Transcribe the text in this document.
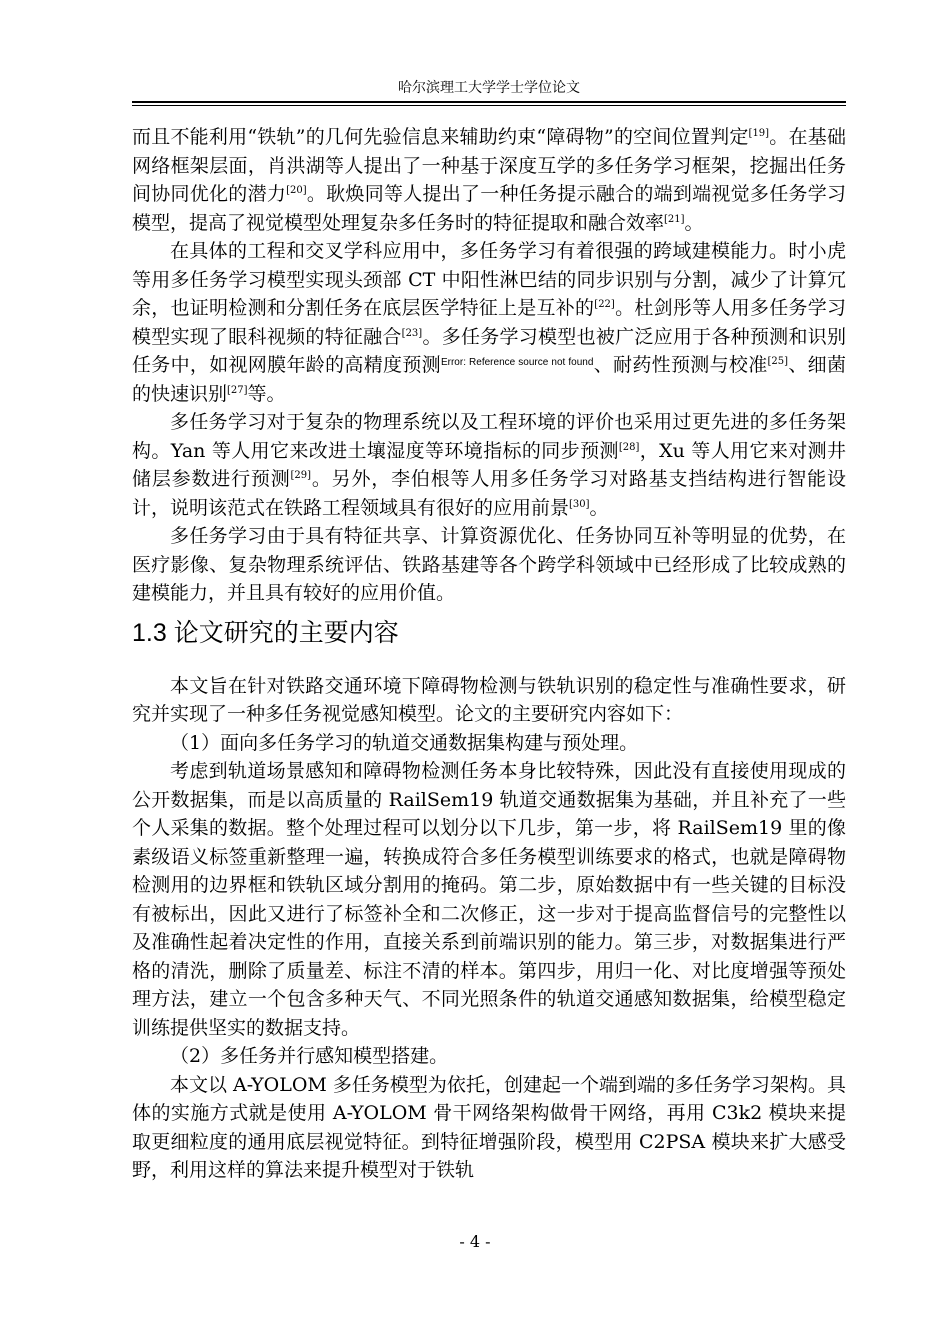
哈尔滨理工大学学士学位论文

而且不能利用“铁轨”的几何先验信息来辅助约束“障碍物”的空间位置判定[19]。在基础网络框架层面，肖洪湖等人提出了一种基于深度互学的多任务学习框架，挖掘出任务间协同优化的潜力[20]。耿焕同等人提出了一种任务提示融合的端到端视觉多任务学习模型，提高了视觉模型处理复杂多任务时的特征提取和融合效率[21]。

在具体的工程和交叉学科应用中，多任务学习有着很强的跨域建模能力。时小虎等用多任务学习模型实现头颈部 CT 中阳性淋巴结的同步识别与分割，减少了计算冗余，也证明检测和分割任务在底层医学特征上是互补的[22]。杜剑彤等人用多任务学习模型实现了眼科视频的特征融合[23]。多任务学习模型也被广泛应用于各种预测和识别任务中，如视网膜年龄的高精度预测$^{Error: Reference source not found}$、耐药性预测与校准[25]、细菌的快速识别[27]等。

多任务学习对于复杂的物理系统以及工程环境的评价也采用过更先进的多任务架构。Yan 等人用它来改进土壤湿度等环境指标的同步预测[28]，Xu 等人用它来对测井储层参数进行预测[29]。另外，李伯根等人用多任务学习对路基支挡结构进行智能设计，说明该范式在铁路工程领域具有很好的应用前景[30]。

多任务学习由于具有特征共享、计算资源优化、任务协同互补等明显的优势，在医疗影像、复杂物理系统评估、铁路基建等各个跨学科领域中已经形成了比较成熟的建模能力，并且具有较好的应用价值。

1.3 论文研究的主要内容

本文旨在针对铁路交通环境下障碍物检测与铁轨识别的稳定性与准确性要求，研究并实现了一种多任务视觉感知模型。论文的主要研究内容如下：

（1）面向多任务学习的轨道交通数据集构建与预处理。

考虑到轨道场景感知和障碍物检测任务本身比较特殊，因此没有直接使用现成的公开数据集，而是以高质量的 RailSem19 轨道交通数据集为基础，并且补充了一些个人采集的数据。整个处理过程可以划分以下几步，第一步，将 RailSem19 里的像素级语义标签重新整理一遍，转换成符合多任务模型训练要求的格式，也就是障碍物检测用的边界框和铁轨区域分割用的掩码。第二步，原始数据中有一些关键的目标没有被标出，因此又进行了标签补全和二次修正，这一步对于提高监督信号的完整性以及准确性起着决定性的作用，直接关系到前端识别的能力。第三步，对数据集进行严格的清洗，删除了质量差、标注不清的样本。第四步，用归一化、对比度增强等预处理方法，建立一个包含多种天气、不同光照条件的轨道交通感知数据集，给模型稳定训练提供坚实的数据支持。

（2）多任务并行感知模型搭建。

本文以 A-YOLOM 多任务模型为依托，创建起一个端到端的多任务学习架构。具体的实施方式就是使用 A-YOLOM 骨干网络架构做骨干网络，再用 C3k2 模块来提取更细粒度的通用底层视觉特征。到特征增强阶段，模型用 C2PSA 模块来扩大感受野，利用这样的算法来提升模型对于铁轨

- 4 -
